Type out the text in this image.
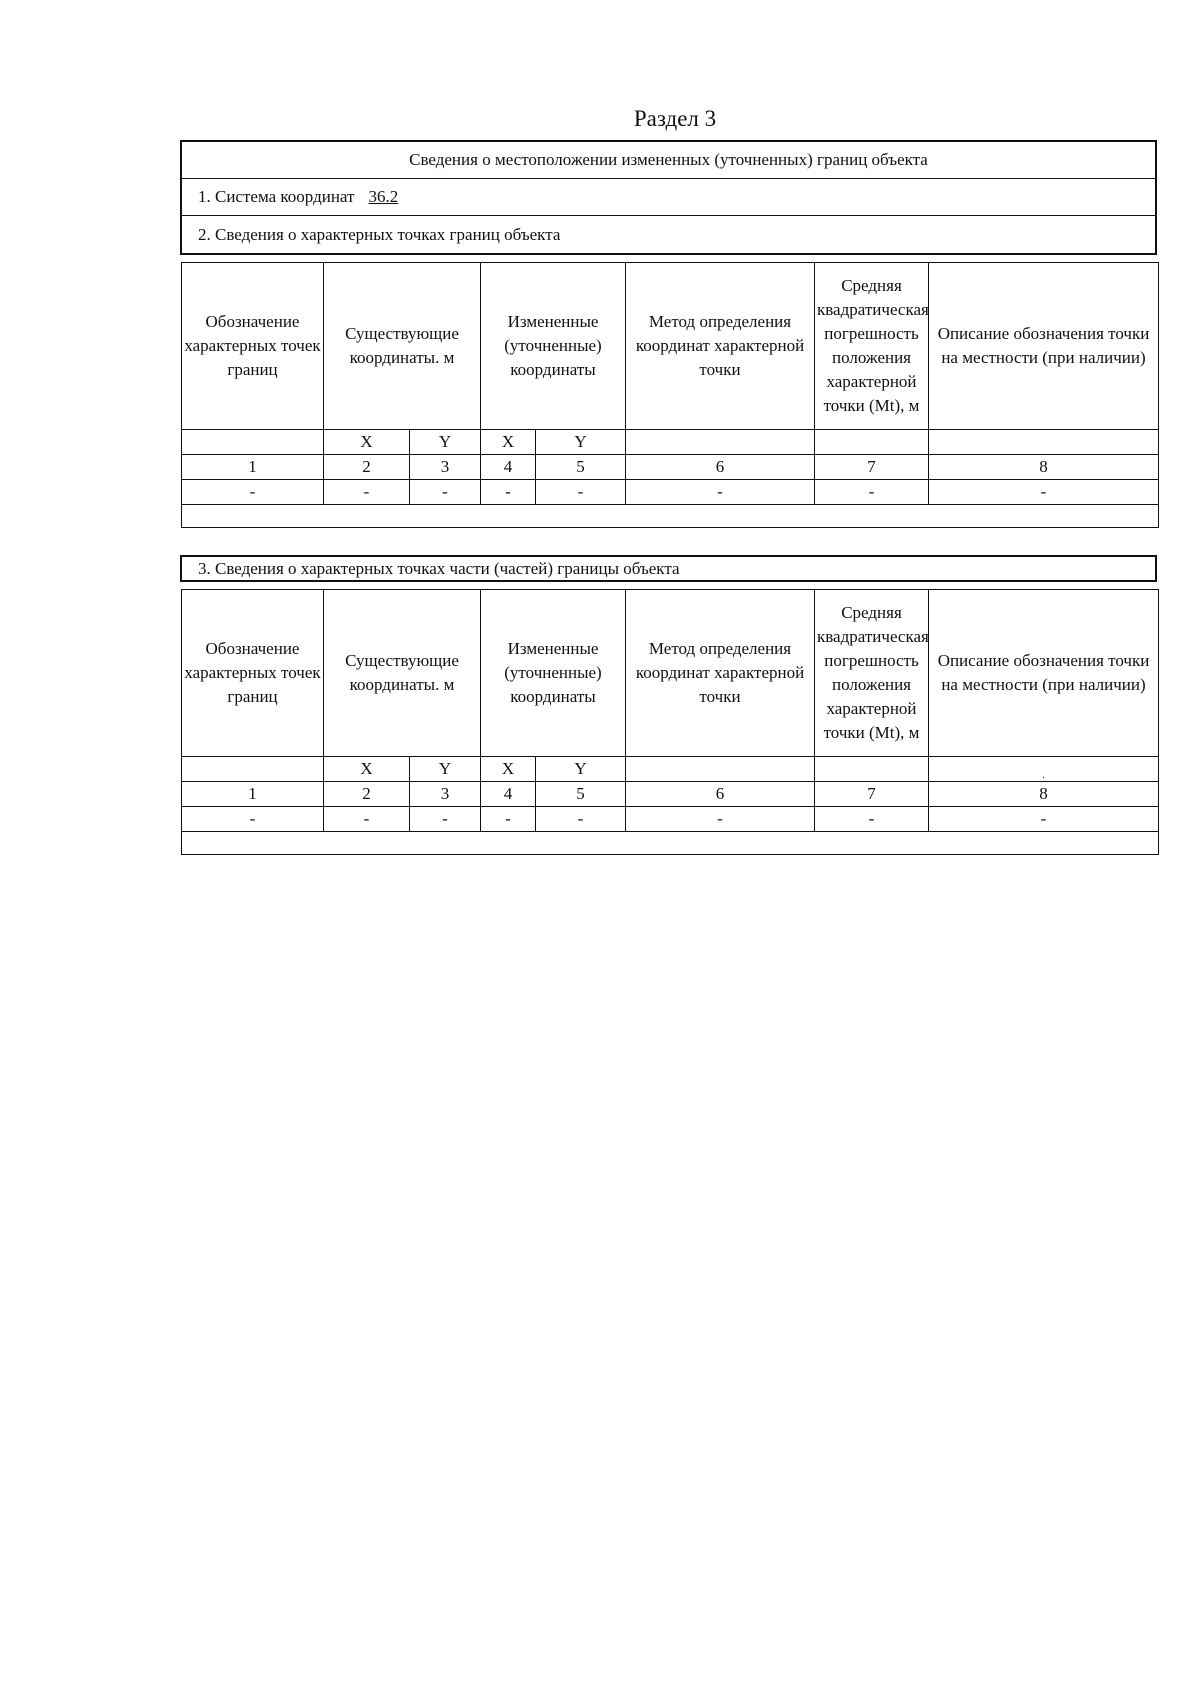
Раздел 3
Сведения о местоположении измененных (уточненных) границ объекта
1. Система координат 36.2
2. Сведения о характерных точках границ объекта
Обозначение характерных точек границ	Существующие координаты. м		Измененные (уточненные) координаты		Метод определения координат характерной точки	Средняя квадратическая погрешность положения характерной точки (Mt), м	Описание обозначения точки на местности (при наличии)
	X	Y	X	Y			
1	2	3	4	5	6	7	8
-	-	-	-	-	-	-	-

3. Сведения о характерных точках части (частей) границы объекта
Обозначение характерных точек границ	Существующие координаты. м		Измененные (уточненные) координаты		Метод определения координат характерной точки	Средняя квадратическая погрешность положения характерной точки (Mt), м	Описание обозначения точки на местности (при наличии)
	X	Y	X	Y			.
1	2	3	4	5	6	7	8
-	-	-	-	-	-	-	-
